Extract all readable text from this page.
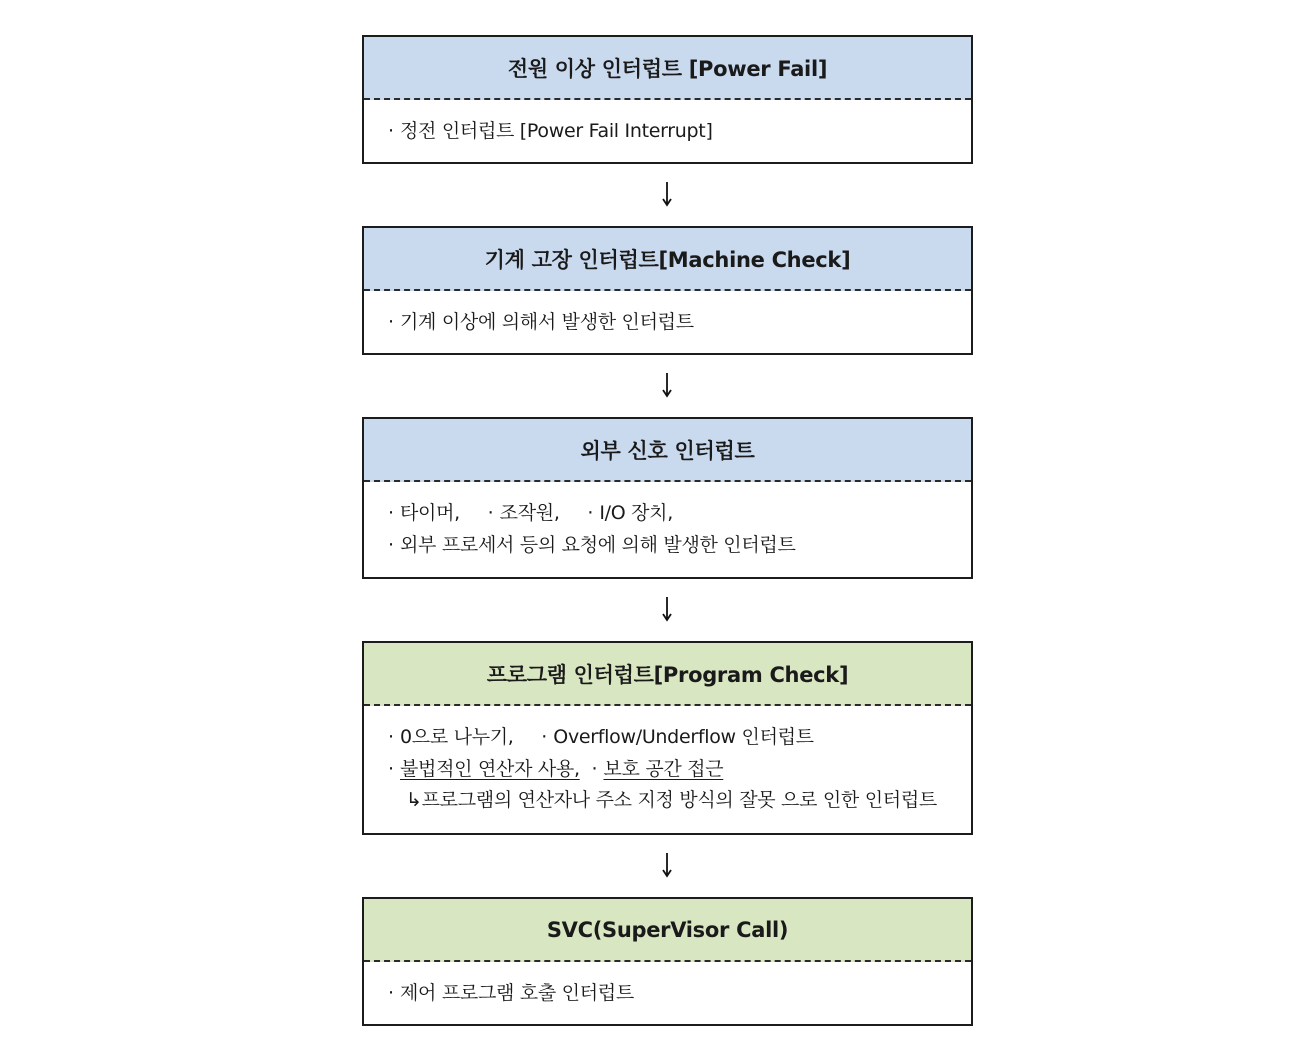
전원 이상 인터럽트 [Power Fail]
· 정전 인터럽트 [Power Fail Interrupt]
기계 고장 인터럽트[Machine Check]
· 기계 이상에 의해서 발생한 인터럽트
외부 신호 인터럽트
· 타이머, · 조작원, · I/O 장치,
· 외부 프로세서 등의 요청에 의해 발생한 인터럽트
프로그램 인터럽트[Program Check]
· 0으로 나누기, · Overflow/Underflow 인터럽트
· 불법적인 연산자 사용, · 보호 공간 접근
↳프로그램의 연산자나 주소 지정 방식의 잘못 으로 인한 인터럽트
SVC(SuperVisor Call)
· 제어 프로그램 호출 인터럽트
